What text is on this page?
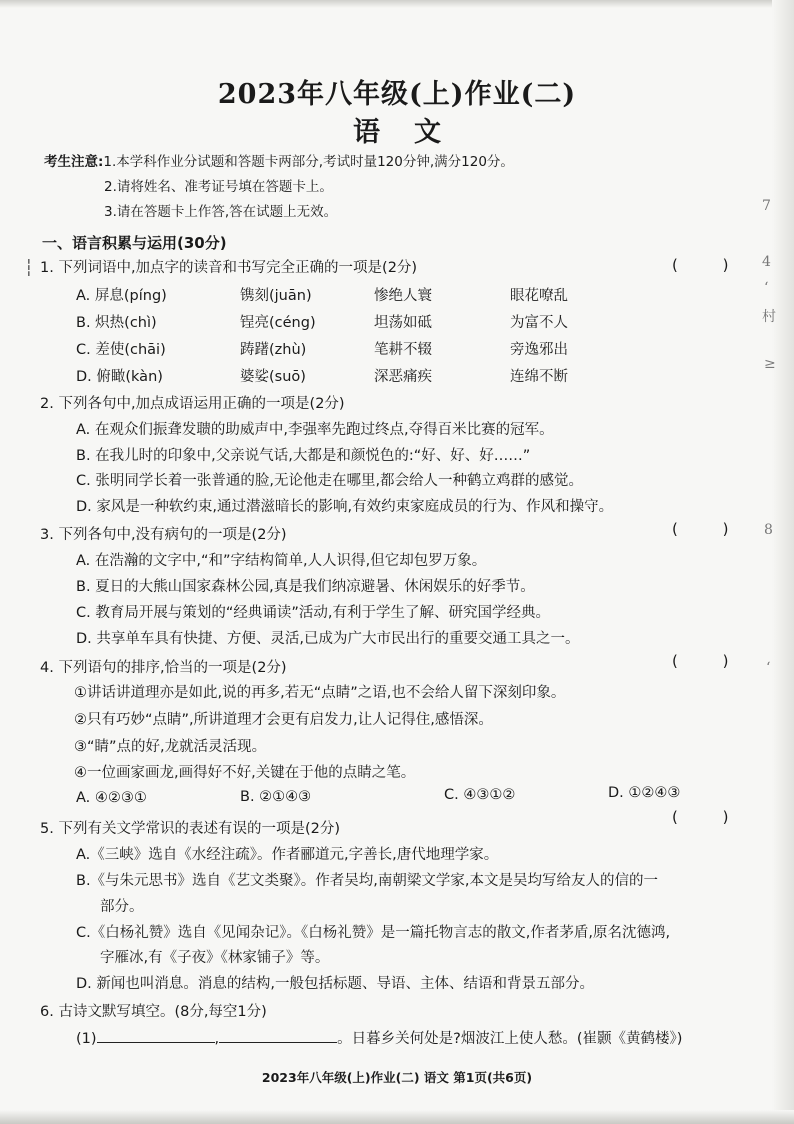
7
4
‘
村
≥
8
‘
2023年八年级(上)作业(二)
语文
考生注意:1.本学科作业分试题和答题卡两部分,考试时量120分钟,满分120分。
2.请将姓名、准考证号填在答题卡上。
3.请在答题卡上作答,答在试题上无效。
一、语言积累与运用(30分)
┆ 1. 下列词语中,加点字的读音和书写完全正确的一项是(2分)	( )
A. 屏息(píng)	镌刻(juān)	惨绝人寰	眼花嘹乱
B. 炽热(chì)	锃亮(céng)	坦荡如砥	为富不人
C. 差使(chāi)	踌躇(zhù)	笔耕不辍	旁逸邪出
D. 俯瞰(kàn)	婆娑(suō)	深恶痛疾	连绵不断
2. 下列各句中,加点成语运用正确的一项是(2分)
A. 在观众们振聋发聩的助威声中,李强率先跑过终点,夺得百米比赛的冠军。
B. 在我儿时的印象中,父亲说气话,大都是和颜悦色的:“好、好、好……”
C. 张明同学长着一张普通的脸,无论他走在哪里,都会给人一种鹤立鸡群的感觉。
D. 家风是一种软约束,通过潜滋暗长的影响,有效约束家庭成员的行为、作风和操守。
3. 下列各句中,没有病句的一项是(2分)	( )
A. 在浩瀚的文字中,“和”字结构简单,人人识得,但它却包罗万象。
B. 夏日的大熊山国家森林公园,真是我们纳凉避暑、休闲娱乐的好季节。
C. 教育局开展与策划的“经典诵读”活动,有利于学生了解、研究国学经典。
D. 共享单车具有快捷、方便、灵活,已成为广大市民出行的重要交通工具之一。
4. 下列语句的排序,恰当的一项是(2分)	( )
①讲话讲道理亦是如此,说的再多,若无“点睛”之语,也不会给人留下深刻印象。
②只有巧妙“点睛”,所讲道理才会更有启发力,让人记得住,感悟深。
③“睛”点的好,龙就活灵活现。
④一位画家画龙,画得好不好,关键在于他的点睛之笔。
A. ④②③①	B. ②①④③	C. ④③①②	D. ①②④③
5. 下列有关文学常识的表述有误的一项是(2分)
( )
A.《三峡》选自《水经注疏》。作者郦道元,字善长,唐代地理学家。
B.《与朱元思书》选自《艺文类聚》。作者吴均,南朝梁文学家,本文是吴均写给友人的信的一
部分。
C.《白杨礼赞》选自《见闻杂记》。《白杨礼赞》是一篇托物言志的散文,作者茅盾,原名沈德鸿,
字雁冰,有《子夜》《林家铺子》等。
D. 新闻也叫消息。消息的结构,一般包括标题、导语、主体、结语和背景五部分。
6. 古诗文默写填空。(8分,每空1分)
(1)	,	。日暮乡关何处是?烟波江上使人愁。(崔颢《黄鹤楼》)
2023年八年级(上)作业(二) 语文 第1页(共6页)
